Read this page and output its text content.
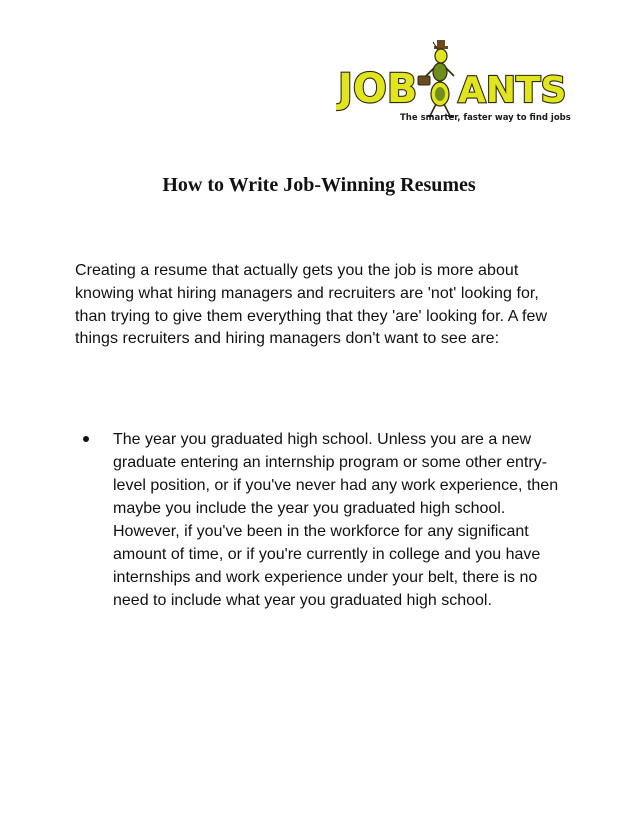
JOB ANTS
The smarter, faster way to find jobs
How to Write Job-Winning Resumes

Creating a resume that actually gets you the job is more about knowing what hiring managers and recruiters are 'not' looking for, than trying to give them everything that they 'are' looking for. A few things recruiters and hiring managers don't want to see are:

The year you graduated high school. Unless you are a new graduate entering an internship program or some other entry-level position, or if you've never had any work experience, then maybe you include the year you graduated high school. However, if you've been in the workforce for any significant amount of time, or if you're currently in college and you have internships and work experience under your belt, there is no need to include what year you graduated high school.
